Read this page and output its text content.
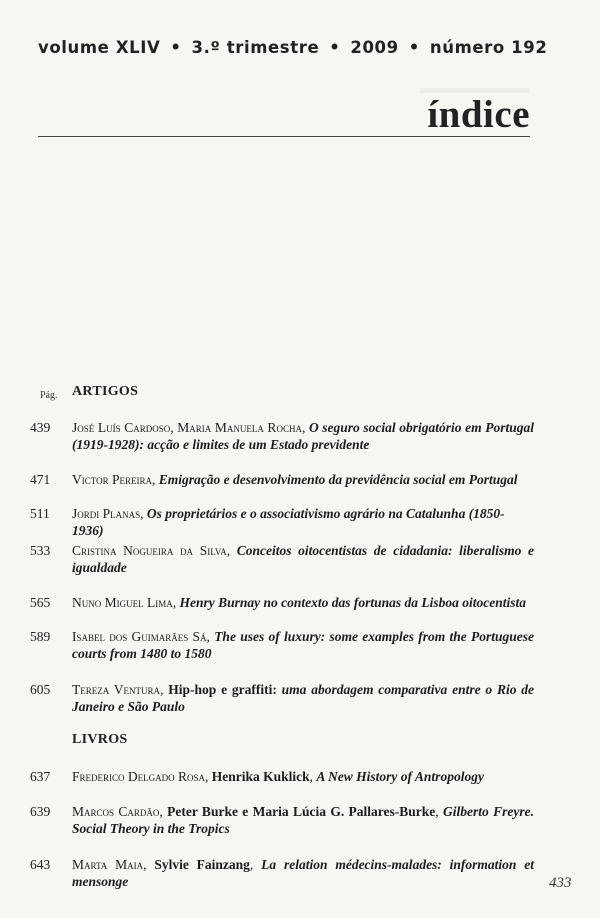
volume XLIV • 3.º trimestre • 2009 • número 192
índice
Pág. ARTIGOS
439	José Luís Cardoso, Maria Manuela Rocha, O seguro social obrigatório em Portugal (1919-1928): acção e limites de um Estado previdente
471	Victor Pereira, Emigração e desenvolvimento da previdência social em Portugal
511	Jordi Planas, Os proprietários e o associativismo agrário na Catalunha (1850-1936)
533	Cristina Nogueira da Silva, Conceitos oitocentistas de cidadania: liberalismo e igualdade
565	Nuno Miguel Lima, Henry Burnay no contexto das fortunas da Lisboa oitocentista
589	Isabel dos Guimarães Sá, The uses of luxury: some examples from the Portuguese courts from 1480 to 1580
605	Tereza Ventura, Hip-hop e graffiti: uma abordagem comparativa entre o Rio de Janeiro e São Paulo
LIVROS
637	Frederico Delgado Rosa, Henrika Kuklick, A New History of Antropology
639	Marcos Cardão, Peter Burke e Maria Lúcia G. Pallares-Burke, Gilberto Freyre. Social Theory in the Tropics
643	Marta Maia, Sylvie Fainzang, La relation médecins-malades: information et mensonge	433
